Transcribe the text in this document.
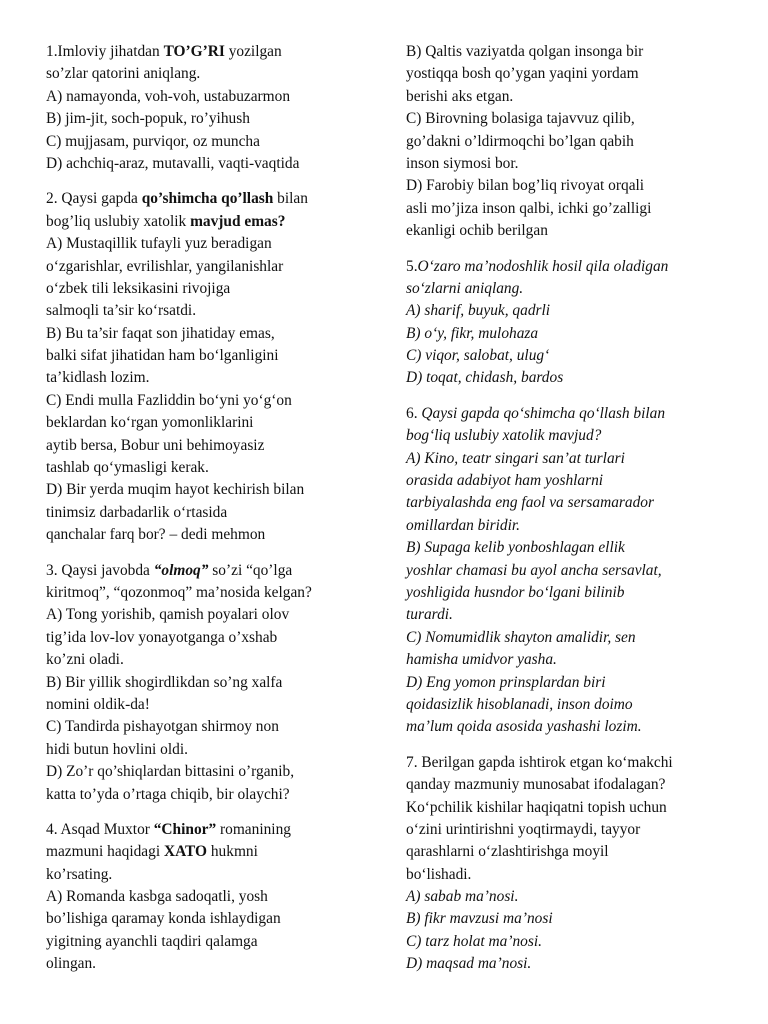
1.Imloviy jihatdan TO’G’RI yozilgan
so’zlar qatorini aniqlang.
A) namayonda, voh-voh, ustabuzarmon
B) jim-jit, soch-popuk, ro’yihush
C) mujjasam, purviqor, oz muncha
D) achchiq-araz, mutavalli, vaqti-vaqtida
2. Qaysi gapda qo’shimcha qo’llash bilan
bog’liq uslubiy xatolik mavjud emas?
A) Mustaqillik tufayli yuz beradigan
o‘zgarishlar, evrilishlar, yangilanishlar
o‘zbek tili leksikasini rivojiga
salmoqli ta’sir ko‘rsatdi.
B) Bu ta’sir faqat son jihatiday emas,
balki sifat jihatidan ham bo‘lganligini
ta’kidlash lozim.
C) Endi mulla Fazliddin bo‘yni yo‘g‘on
beklardan ko‘rgan yomonliklarini
aytib bersa, Bobur uni behimoyasiz
tashlab qo‘ymasligi kerak.
D) Bir yerda muqim hayot kechirish bilan
tinimsiz darbadarlik o‘rtasida
qanchalar farq bor? – dedi mehmon
3. Qaysi javobda “olmoq” so’zi “qo’lga
kiritmoq”, “qozonmoq” ma’nosida kelgan?
A) Tong yorishib, qamish poyalari olov
tig’ida lov-lov yonayotganga o’xshab
ko’zni oladi.
B) Bir yillik shogirdlikdan so’ng xalfa
nomini oldik-da!
C) Tandirda pishayotgan shirmoy non
hidi butun hovlini oldi.
D) Zo’r qo’shiqlardan bittasini o’rganib,
katta to’yda o’rtaga chiqib, bir olaychi?
4. Asqad Muxtor “Chinor” romanining
mazmuni haqidagi XATO hukmni
ko’rsating.
A) Romanda kasbga sadoqatli, yosh
bo’lishiga qaramay konda ishlaydigan
yigitning ayanchli taqdiri qalamga
olingan.
B) Qaltis vaziyatda qolgan insonga bir
yostiqqa bosh qo’ygan yaqini yordam
berishi aks etgan.
C) Birovning bolasiga tajavvuz qilib,
go’dakni o’ldirmoqchi bo’lgan qabih
inson siymosi bor.
D) Farobiy bilan bog’liq rivoyat orqali
asli mo’jiza inson qalbi, ichki go’zalligi
ekanligi ochib berilgan
5.O‘zaro ma’nodoshlik hosil qila oladigan
so‘zlarni aniqlang.
A) sharif, buyuk, qadrli
B) o‘y, fikr, mulohaza
C) viqor, salobat, ulug‘
D) toqat, chidash, bardos
6. Qaysi gapda qo‘shimcha qo‘llash bilan
bog‘liq uslubiy xatolik mavjud?
A) Kino, teatr singari san’at turlari
orasida adabiyot ham yoshlarni
tarbiyalashda eng faol va sersamarador
omillardan biridir.
B) Supaga kelib yonboshlagan ellik
yoshlar chamasi bu ayol ancha sersavlat,
yoshligida husndor bo‘lgani bilinib
turardi.
C) Nomumidlik shayton amalidir, sen
hamisha umidvor yasha.
D) Eng yomon prinsplardan biri
qoidasizlik hisoblanadi, inson doimo
ma’lum qoida asosida yashashi lozim.
7. Berilgan gapda ishtirok etgan ko‘makchi
qanday mazmuniy munosabat ifodalagan?
Ko‘pchilik kishilar haqiqatni topish uchun
o‘zini urintirishni yoqtirmaydi, tayyor
qarashlarni o‘zlashtirishga moyil
bo‘lishadi.
A) sabab ma’nosi.
B) fikr mavzusi ma’nosi
C) tarz holat ma’nosi.
D) maqsad ma’nosi.
